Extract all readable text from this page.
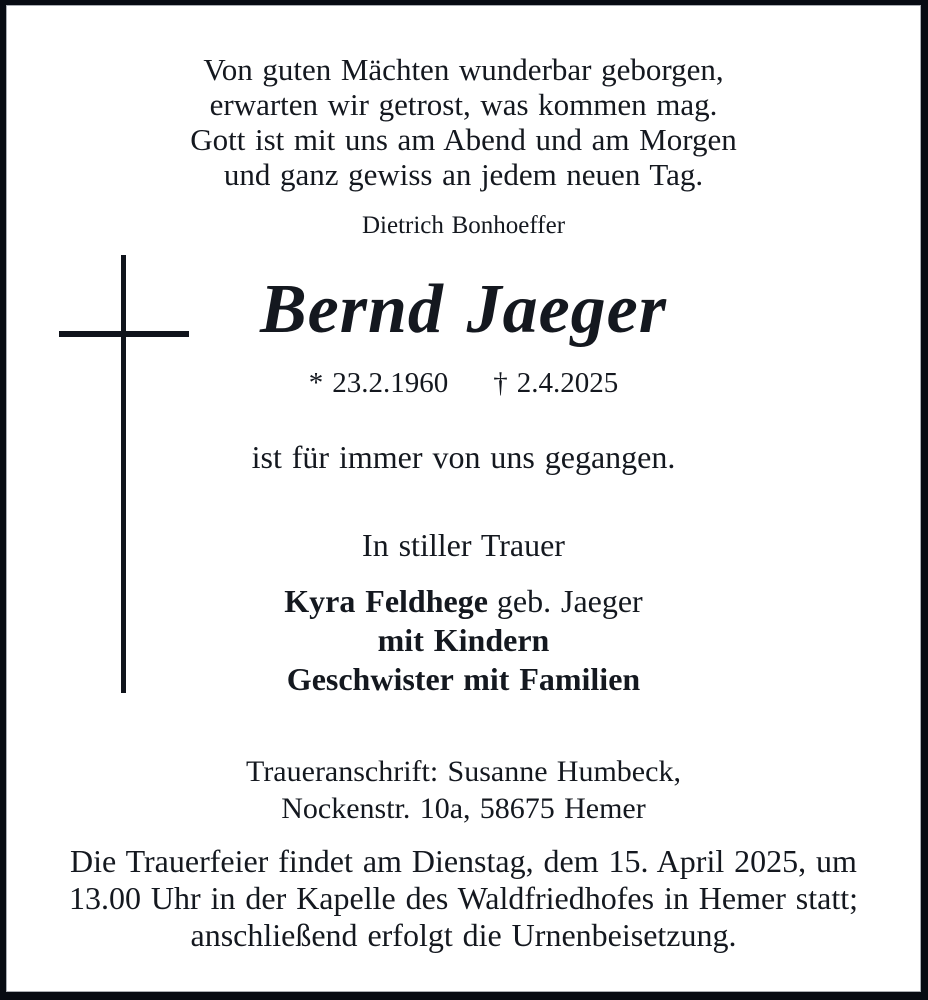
Von guten Mächten wunderbar geborgen,
erwarten wir getrost, was kommen mag.
Gott ist mit uns am Abend und am Morgen
und ganz gewiss an jedem neuen Tag.
Dietrich Bonhoeffer
Bernd Jaeger
* 23.2.1960 † 2.4.2025
ist für immer von uns gegangen.
In stiller Trauer
Kyra Feldhege geb. Jaeger
mit Kindern
Geschwister mit Familien
Traueranschrift: Susanne Humbeck,
Nockenstr. 10a, 58675 Hemer
Die Trauerfeier findet am Dienstag, dem 15. April 2025, um
13.00 Uhr in der Kapelle des Waldfriedhofes in Hemer statt;
anschließend erfolgt die Urnenbeisetzung.
